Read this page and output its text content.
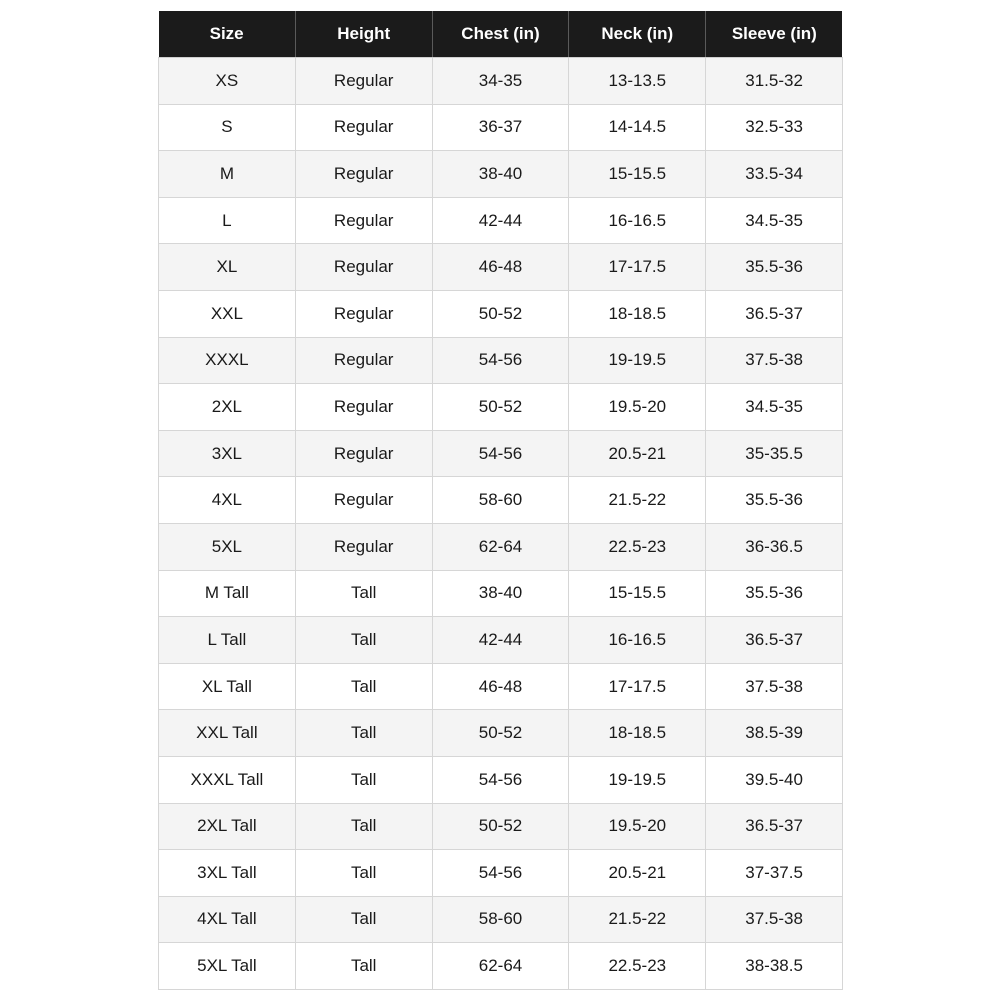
Size	Height	Chest (in)	Neck (in)	Sleeve (in)
XS	Regular	34-35	13-13.5	31.5-32
S	Regular	36-37	14-14.5	32.5-33
M	Regular	38-40	15-15.5	33.5-34
L	Regular	42-44	16-16.5	34.5-35
XL	Regular	46-48	17-17.5	35.5-36
XXL	Regular	50-52	18-18.5	36.5-37
XXXL	Regular	54-56	19-19.5	37.5-38
2XL	Regular	50-52	19.5-20	34.5-35
3XL	Regular	54-56	20.5-21	35-35.5
4XL	Regular	58-60	21.5-22	35.5-36
5XL	Regular	62-64	22.5-23	36-36.5
M Tall	Tall	38-40	15-15.5	35.5-36
L Tall	Tall	42-44	16-16.5	36.5-37
XL Tall	Tall	46-48	17-17.5	37.5-38
XXL Tall	Tall	50-52	18-18.5	38.5-39
XXXL Tall	Tall	54-56	19-19.5	39.5-40
2XL Tall	Tall	50-52	19.5-20	36.5-37
3XL Tall	Tall	54-56	20.5-21	37-37.5
4XL Tall	Tall	58-60	21.5-22	37.5-38
5XL Tall	Tall	62-64	22.5-23	38-38.5
